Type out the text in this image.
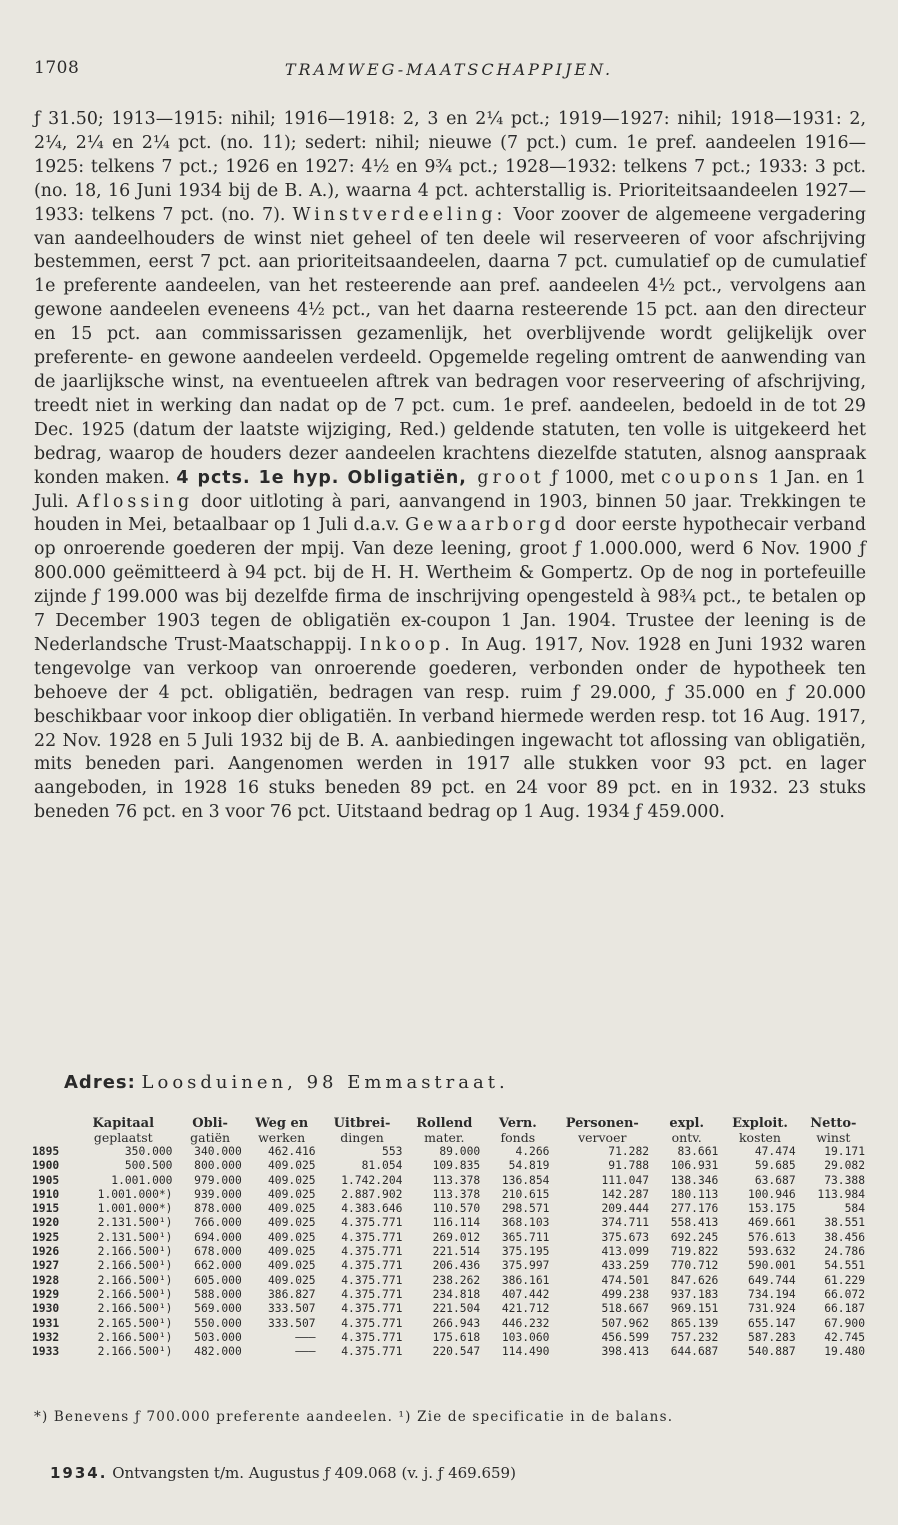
1708	TRAMWEG-MAATSCHAPPIJEN.

ƒ 31.50; 1913—1915: nihil; 1916—1918: 2, 3 en 2¼ pct.; 1919—1927: nihil; 1918—1931: 2, 2¼, 2¼ en 2¼ pct. (no. 11); sedert: nihil; nieuwe (7 pct.) cum. 1e pref. aandeelen 1916—1925: telkens 7 pct.; 1926 en 1927: 4½ en 9¾ pct.; 1928—1932: telkens 7 pct.; 1933: 3 pct. (no. 18, 16 Juni 1934 bij de B. A.), waarna 4 pct. achterstallig is. Prioriteitsaandeelen 1927—1933: telkens 7 pct. (no. 7). Winstverdeeling: Voor zoover de algemeene vergadering van aandeelhouders de winst niet geheel of ten deele wil reserveeren of voor afschrijving bestemmen, eerst 7 pct. aan prioriteitsaandeelen, daarna 7 pct. cumulatief op de cumulatief 1e preferente aandeelen, van het resteerende aan pref. aandeelen 4½ pct., vervolgens aan gewone aandeelen eveneens 4½ pct., van het daarna resteerende 15 pct. aan den directeur en 15 pct. aan commissarissen gezamenlijk, het overblijvende wordt gelijkelijk over preferente- en gewone aandeelen verdeeld. Opgemelde regeling omtrent de aanwending van de jaarlijksche winst, na eventueelen aftrek van bedragen voor reserveering of afschrijving, treedt niet in werking dan nadat op de 7 pct. cum. 1e pref. aandeelen, bedoeld in de tot 29 Dec. 1925 (datum der laatste wijziging, Red.) geldende statuten, ten volle is uitgekeerd het bedrag, waarop de houders dezer aandeelen krachtens diezelfde statuten, alsnog aanspraak konden maken. 4 pcts. 1e hyp. Obligatiën, groot ƒ 1000, met coupons 1 Jan. en 1 Juli. Aflossing door uitloting à pari, aanvangend in 1903, binnen 50 jaar. Trekkingen te houden in Mei, betaalbaar op 1 Juli d.a.v. Gewaarborgd door eerste hypothecair verband op onroerende goederen der mpij. Van deze leening, groot ƒ 1.000.000, werd 6 Nov. 1900 ƒ 800.000 geëmitteerd à 94 pct. bij de H. H. Wertheim & Gompertz. Op de nog in portefeuille zijnde ƒ 199.000 was bij dezelfde firma de inschrijving opengesteld à 98¾ pct., te betalen op 7 December 1903 tegen de obligatiën ex-coupon 1 Jan. 1904. Trustee der leening is de Nederlandsche Trust-Maatschappij. Inkoop. In Aug. 1917, Nov. 1928 en Juni 1932 waren tengevolge van verkoop van onroerende goederen, verbonden onder de hypotheek ten behoeve der 4 pct. obligatiën, bedragen van resp. ruim ƒ 29.000, ƒ 35.000 en ƒ 20.000 beschikbaar voor inkoop dier obligatiën. In verband hiermede werden resp. tot 16 Aug. 1917, 22 Nov. 1928 en 5 Juli 1932 bij de B. A. aanbiedingen ingewacht tot aflossing van obligatiën, mits beneden pari. Aangenomen werden in 1917 alle stukken voor 93 pct. en lager aangeboden, in 1928 16 stuks beneden 89 pct. en 24 voor 89 pct. en in 1932. 23 stuks beneden 76 pct. en 3 voor 76 pct. Uitstaand bedrag op 1 Aug. 1934 ƒ 459.000.

Adres: Loosduinen, 98 Emmastraat.
	Kapitaal	Obli-	Weg en	Uitbrei-	Rollend	Vern.	Personen-	expl.	Exploit.	Netto-
	geplaatst	gatiën	werken	dingen	mater.	fonds	vervoer	ontv.	kosten	winst
1895	350.000	340.000	462.416	553	89.000	4.266	71.282	83.661	47.474	19.171
1900	500.500	800.000	409.025	81.054	109.835	54.819	91.788	106.931	59.685	29.082
1905	1.001.000	979.000	409.025	1.742.204	113.378	136.854	111.047	138.346	63.687	73.388
1910	1.001.000*)	939.000	409.025	2.887.902	113.378	210.615	142.287	180.113	100.946	113.984
1915	1.001.000*)	878.000	409.025	4.383.646	110.570	298.571	209.444	277.176	153.175	584
1920	2.131.500¹)	766.000	409.025	4.375.771	116.114	368.103	374.711	558.413	469.661	38.551
1925	2.131.500¹)	694.000	409.025	4.375.771	269.012	365.711	375.673	692.245	576.613	38.456
1926	2.166.500¹)	678.000	409.025	4.375.771	221.514	375.195	413.099	719.822	593.632	24.786
1927	2.166.500¹)	662.000	409.025	4.375.771	206.436	375.997	433.259	770.712	590.001	54.551
1928	2.166.500¹)	605.000	409.025	4.375.771	238.262	386.161	474.501	847.626	649.744	61.229
1929	2.166.500¹)	588.000	386.827	4.375.771	234.818	407.442	499.238	937.183	734.194	66.072
1930	2.166.500¹)	569.000	333.507	4.375.771	221.504	421.712	518.667	969.151	731.924	66.187
1931	2.165.500¹)	550.000	333.507	4.375.771	266.943	446.232	507.962	865.139	655.147	67.900
1932	2.166.500¹)	503.000	———	4.375.771	175.618	103.060	456.599	757.232	587.283	42.745
1933	2.166.500¹)	482.000	———	4.375.771	220.547	114.490	398.413	644.687	540.887	19.480
*) Benevens ƒ 700.000 preferente aandeelen. ¹) Zie de specificatie in de balans.
1934. Ontvangsten t/m. Augustus ƒ 409.068 (v. j. ƒ 469.659)
